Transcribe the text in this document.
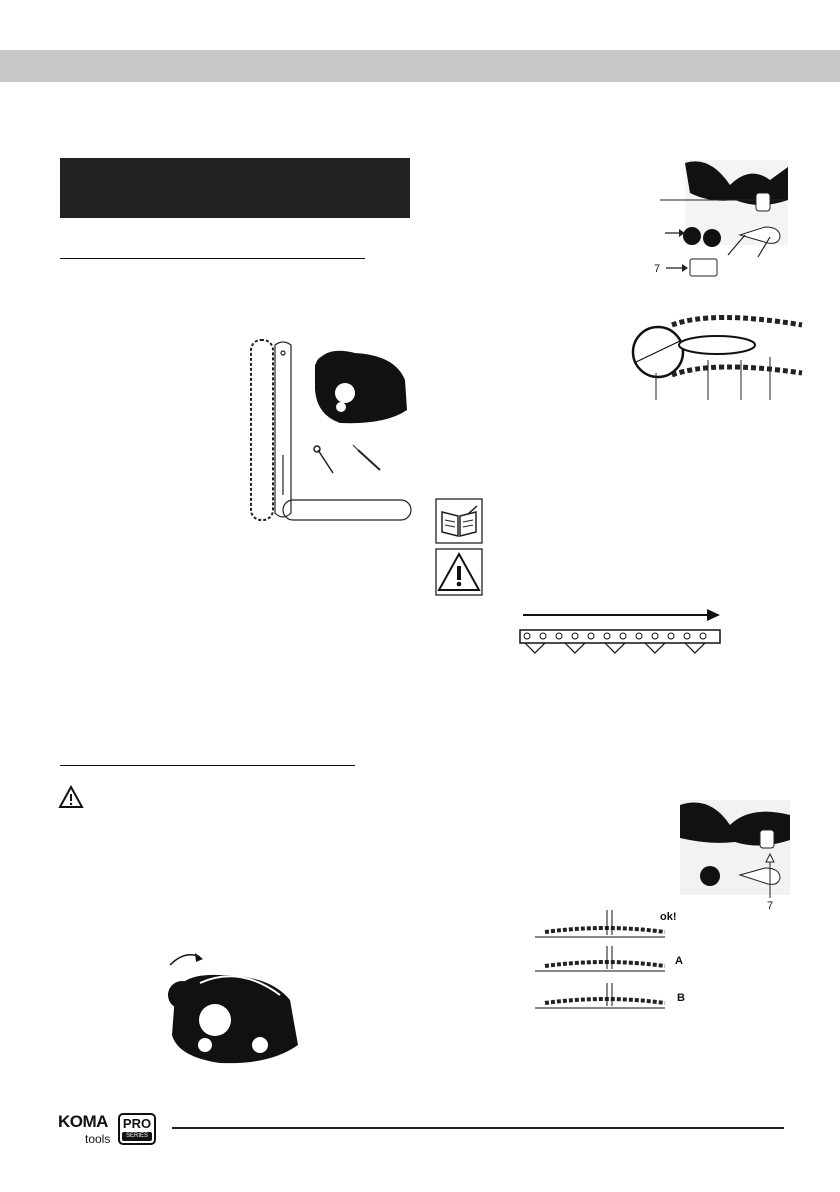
7
7
ok!
A
B
KOMA
tools
PRO
SERIES
